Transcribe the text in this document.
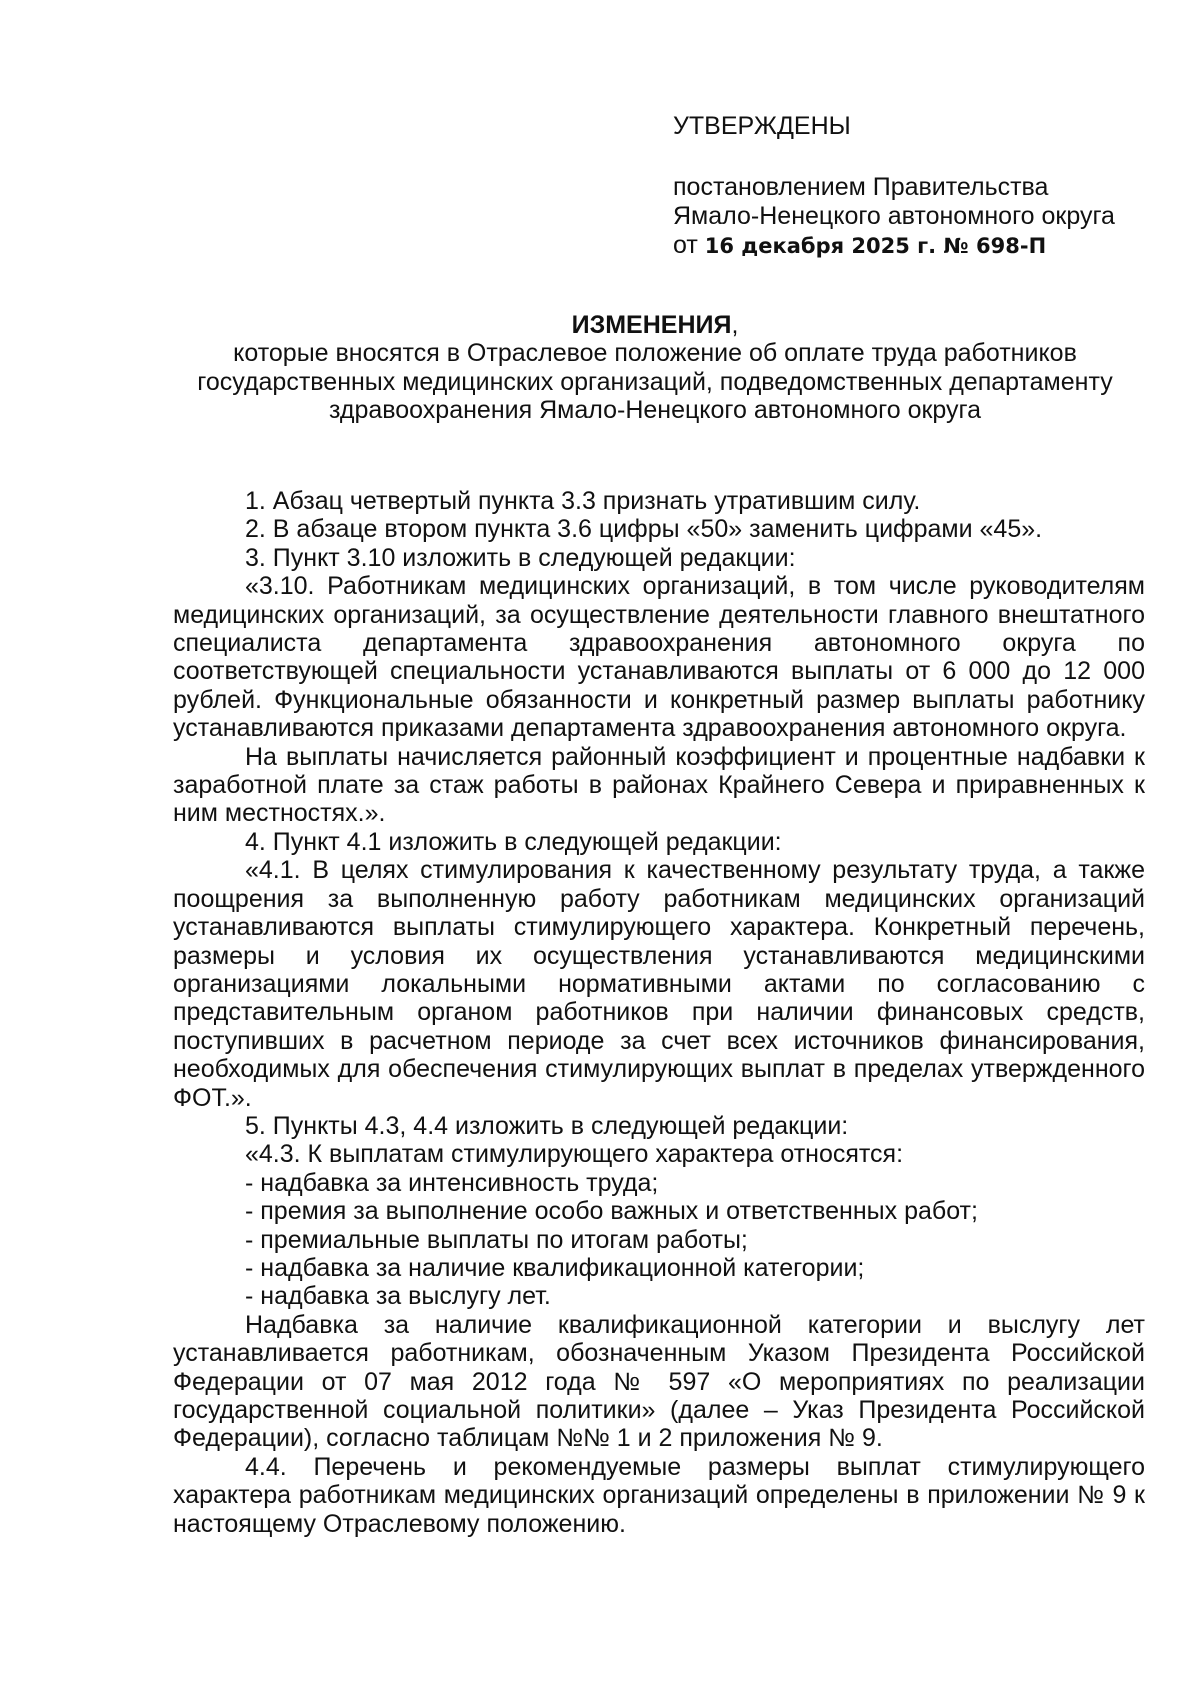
УТВЕРЖДЕНЫ

постановлением Правительства

Ямало-Ненецкого автономного округа

от 16 декабря 2025 г. № 698-П

ИЗМЕНЕНИЯ,

которые вносятся в Отраслевое положение об оплате труда работников

государственных медицинских организаций, подведомственных департаменту

здравоохранения Ямало-Ненецкого автономного округа

1. Абзац четвертый пункта 3.3 признать утратившим силу.

2. В абзаце втором пункта 3.6 цифры «50» заменить цифрами «45».

3. Пункт 3.10 изложить в следующей редакции:

«3.10. Работникам медицинских организаций, в том числе руководителям медицинских организаций, за осуществление деятельности главного внештатного специалиста департамента здравоохранения автономного округа по соответствующей специальности устанавливаются выплаты от 6 000 до 12 000 рублей. Функциональные обязанности и конкретный размер выплаты работнику устанавливаются приказами департамента здравоохранения автономного округа.

На выплаты начисляется районный коэффициент и процентные надбавки к заработной плате за стаж работы в районах Крайнего Севера и приравненных к ним местностях.».

4. Пункт 4.1 изложить в следующей редакции:

«4.1. В целях стимулирования к качественному результату труда, а также поощрения за выполненную работу работникам медицинских организаций устанавливаются выплаты стимулирующего характера. Конкретный перечень, размеры и условия их осуществления устанавливаются медицинскими организациями локальными нормативными актами по согласованию с представительным органом работников при наличии финансовых средств, поступивших в расчетном периоде за счет всех источников финансирования, необходимых для обеспечения стимулирующих выплат в пределах утвержденного ФОТ.».

5. Пункты 4.3, 4.4 изложить в следующей редакции:

«4.3. К выплатам стимулирующего характера относятся:

- надбавка за интенсивность труда;

- премия за выполнение особо важных и ответственных работ;

- премиальные выплаты по итогам работы;

- надбавка за наличие квалификационной категории;

- надбавка за выслугу лет.

Надбавка за наличие квалификационной категории и выслугу лет устанавливается работникам, обозначенным Указом Президента Российской Федерации от 07 мая 2012 года № 597 «О мероприятиях по реализации государственной социальной политики» (далее – Указ Президента Российской Федерации), согласно таблицам №№ 1 и 2 приложения № 9.

4.4. Перечень и рекомендуемые размеры выплат стимулирующего характера работникам медицинских организаций определены в приложении № 9 к настоящему Отраслевому положению.
